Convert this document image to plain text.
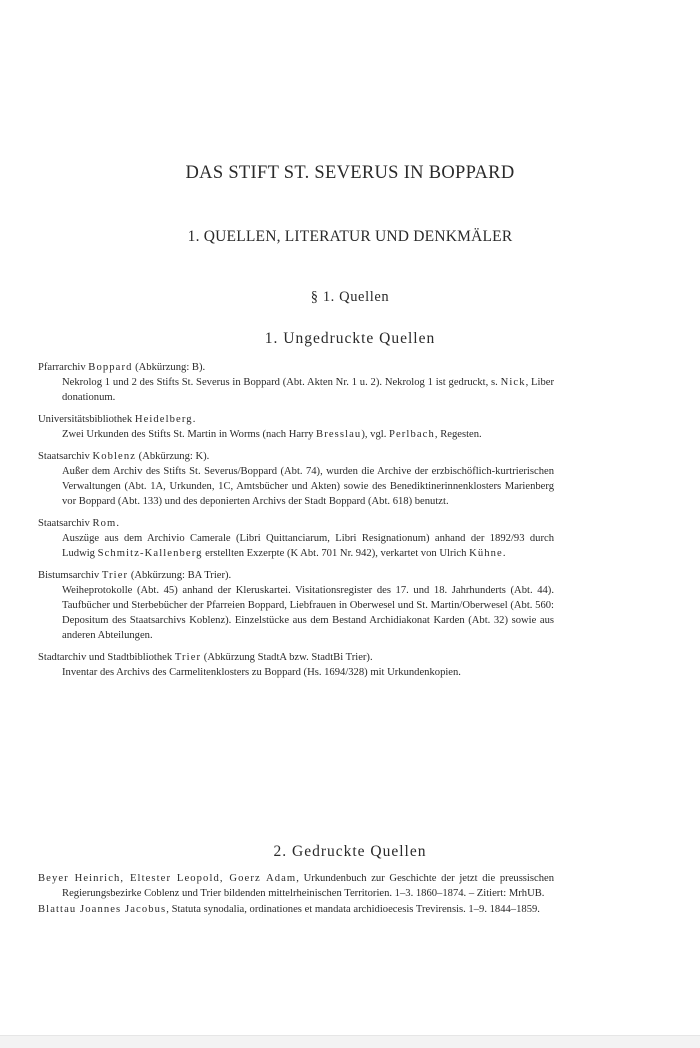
DAS STIFT ST. SEVERUS IN BOPPARD
1. QUELLEN, LITERATUR UND DENKMÄLER
§ 1. Quellen
1. Ungedruckte Quellen
Pfarrarchiv Boppard (Abkürzung: B).
Nekrolog 1 und 2 des Stifts St. Severus in Boppard (Abt. Akten Nr. 1 u. 2). Nekrolog 1 ist gedruckt, s. Nick, Liber donationum.
Universitätsbibliothek Heidelberg.
Zwei Urkunden des Stifts St. Martin in Worms (nach Harry Bresslau), vgl. Perlbach, Regesten.
Staatsarchiv Koblenz (Abkürzung: K).
Außer dem Archiv des Stifts St. Severus/Boppard (Abt. 74), wurden die Archive der erzbischöflich-kurtrierischen Verwaltungen (Abt. 1A, Urkunden, 1C, Amtsbücher und Akten) sowie des Benediktinerinnenklosters Marienberg vor Boppard (Abt. 133) und des deponierten Archivs der Stadt Boppard (Abt. 618) benutzt.
Staatsarchiv Rom.
Auszüge aus dem Archivio Camerale (Libri Quittanciarum, Libri Resignationum) anhand der 1892/93 durch Ludwig Schmitz-Kallenberg erstellten Exzerpte (K Abt. 701 Nr. 942), verkartet von Ulrich Kühne.
Bistumsarchiv Trier (Abkürzung: BA Trier).
Weiheprotokolle (Abt. 45) anhand der Kleruskartei. Visitationsregister des 17. und 18. Jahrhunderts (Abt. 44). Taufbücher und Sterbebücher der Pfarreien Boppard, Liebfrauen in Oberwesel und St. Martin/Oberwesel (Abt. 560: Depositum des Staatsarchivs Koblenz). Einzelstücke aus dem Bestand Archidiakonat Karden (Abt. 32) sowie aus anderen Abteilungen.
Stadtarchiv und Stadtbibliothek Trier (Abkürzung StadtA bzw. StadtBi Trier).
Inventar des Archivs des Carmelitenklosters zu Boppard (Hs. 1694/328) mit Urkundenkopien.
2. Gedruckte Quellen
Beyer Heinrich, Eltester Leopold, Goerz Adam, Urkundenbuch zur Geschichte der jetzt die preussischen Regierungsbezirke Coblenz und Trier bildenden mittelrheinischen Territorien. 1–3. 1860–1874. – Zitiert: MrhUB.
Blattau Joannes Jacobus, Statuta synodalia, ordinationes et mandata archidioecesis Trevirensis. 1–9. 1844–1859.
